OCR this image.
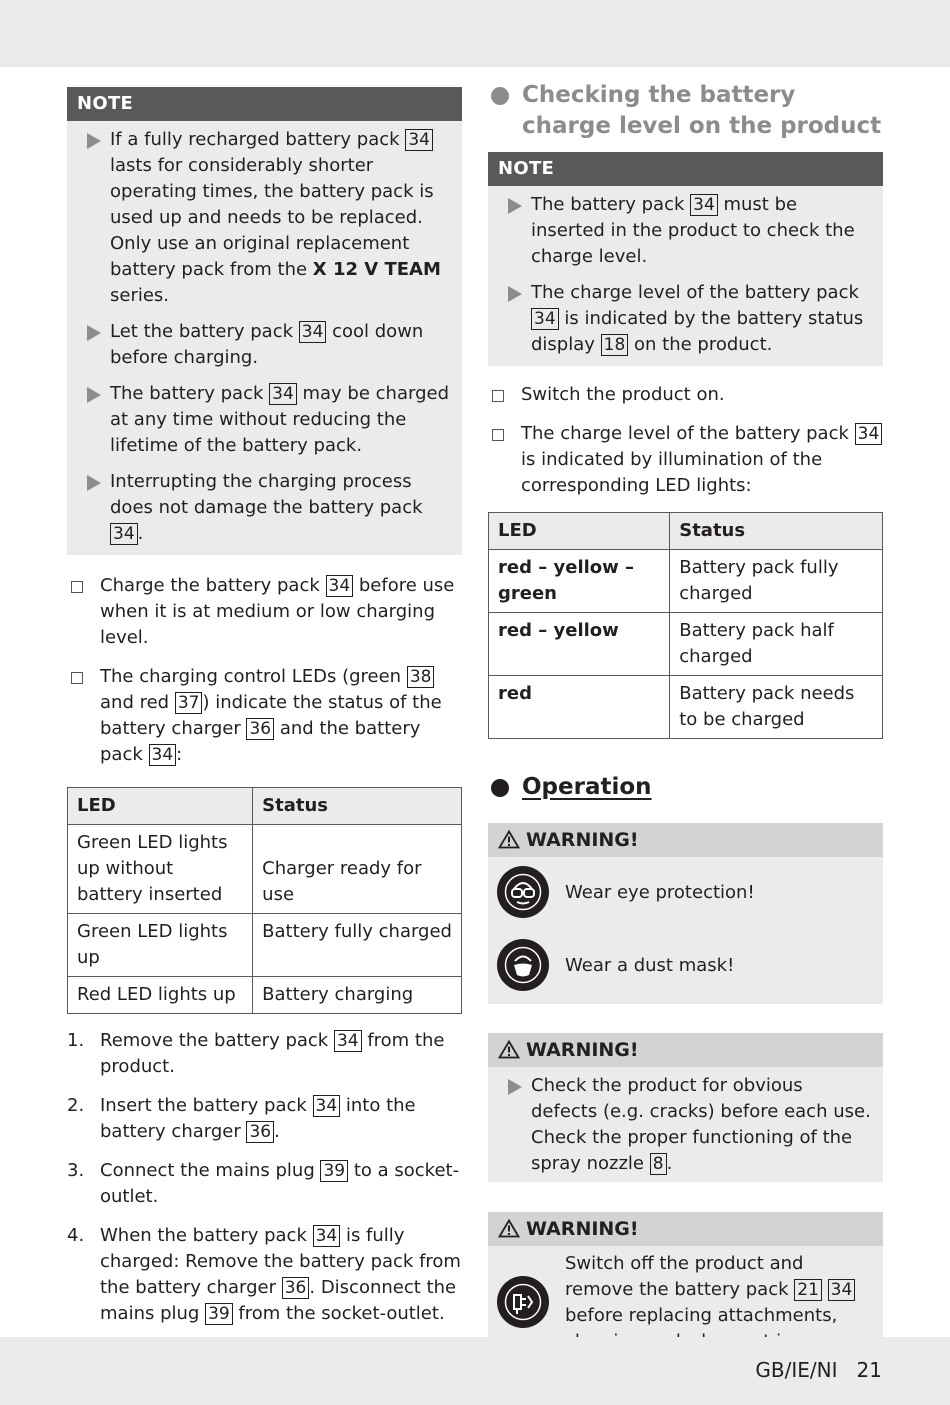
NOTE
If a fully recharged battery pack 34 lasts for considerably shorter operating times, the battery pack is used up and needs to be replaced. Only use an original replacement battery pack from the X 12 V TEAM series.
Let the battery pack 34 cool down before charging.
The battery pack 34 may be charged at any time without reducing the lifetime of the battery pack.
Interrupting the charging process does not damage the battery pack 34 .
Charge the battery pack 34 before use when it is at medium or low charging level.
The charging control LEDs (green 38 and red 37 ) indicate the status of the battery charger 36 and the battery pack 34 :
LED	Status
Green LED lights up without battery inserted	Charger ready for use
Green LED lights up	Battery fully charged
Red LED lights up	Battery charging
1. Remove the battery pack 34 from the product.
2. Insert the battery pack 34 into the battery charger 36 .
3. Connect the mains plug 39 to a socket-outlet.
4. When the battery pack 34 is fully charged: Remove the battery pack from the battery charger 36 . Disconnect the mains plug 39 from the socket-outlet.
Checking the battery charge level on the product
NOTE
The battery pack 34 must be inserted in the product to check the charge level.
The charge level of the battery pack 34 is indicated by the battery status display 18 on the product.
Switch the product on.
The charge level of the battery pack 34 is indicated by illumination of the corresponding LED lights:
LED	Status
red – yellow – green	Battery pack fully charged
red – yellow	Battery pack half charged
red	Battery pack needs to be charged
Operation
WARNING!
Wear eye protection!
Wear a dust mask!
WARNING!
Check the product for obvious defects (e.g. cracks) before each use. Check the proper functioning of the spray nozzle 8 .
WARNING!
Switch off the product and remove the battery pack 21 34 before replacing attachments,
GB/IE/NI   21
